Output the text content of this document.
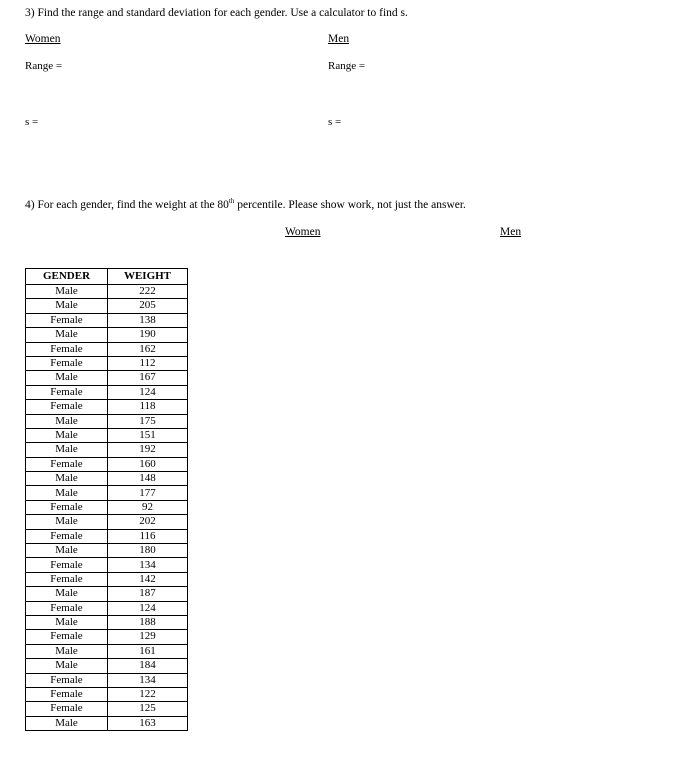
3) Find the range and standard deviation for each gender. Use a calculator to find s.
Women	Men
Range =	Range =
s =	s =
4) For each gender, find the weight at the 80th percentile. Please show work, not just the answer.
Women	Men
GENDER	WEIGHT
Male	222
Male	205
Female	138
Male	190
Female	162
Female	112
Male	167
Female	124
Female	118
Male	175
Male	151
Male	192
Female	160
Male	148
Male	177
Female	92
Male	202
Female	116
Male	180
Female	134
Female	142
Male	187
Female	124
Male	188
Female	129
Male	161
Male	184
Female	134
Female	122
Female	125
Male	163
